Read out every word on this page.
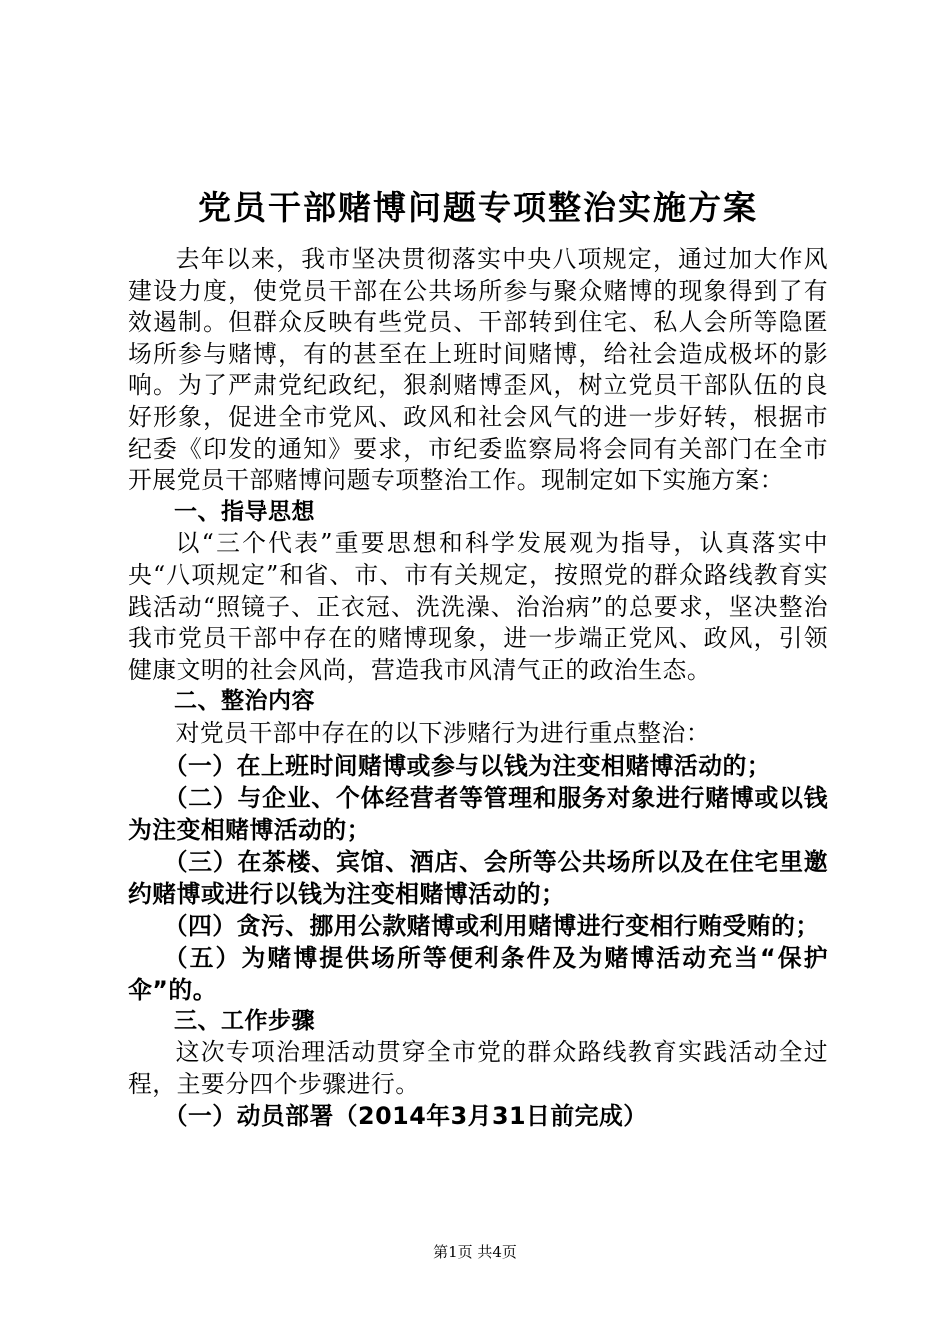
党员干部赌博问题专项整治实施方案

去年以来，我市坚决贯彻落实中央八项规定，通过加大作风建设力度，使党员干部在公共场所参与聚众赌博的现象得到了有效遏制。但群众反映有些党员、干部转到住宅、私人会所等隐匿场所参与赌博，有的甚至在上班时间赌博，给社会造成极坏的影响。为了严肃党纪政纪，狠刹赌博歪风，树立党员干部队伍的良好形象，促进全市党风、政风和社会风气的进一步好转，根据市纪委《印发的通知》要求，市纪委监察局将会同有关部门在全市开展党员干部赌博问题专项整治工作。现制定如下实施方案：

一、指导思想

以“三个代表”重要思想和科学发展观为指导，认真落实中央“八项规定”和省、市、市有关规定，按照党的群众路线教育实践活动“照镜子、正衣冠、洗洗澡、治治病”的总要求，坚决整治我市党员干部中存在的赌博现象，进一步端正党风、政风，引领健康文明的社会风尚，营造我市风清气正的政治生态。

二、整治内容

对党员干部中存在的以下涉赌行为进行重点整治：

（一）在上班时间赌博或参与以钱为注变相赌博活动的；

（二）与企业、个体经营者等管理和服务对象进行赌博或以钱为注变相赌博活动的；

（三）在茶楼、宾馆、酒店、会所等公共场所以及在住宅里邀约赌博或进行以钱为注变相赌博活动的；

（四）贪污、挪用公款赌博或利用赌博进行变相行贿受贿的；

（五）为赌博提供场所等便利条件及为赌博活动充当“保护伞”的。

三、工作步骤

这次专项治理活动贯穿全市党的群众路线教育实践活动全过程，主要分四个步骤进行。

（一）动员部署（2014年3月31日前完成）

第1页 共4页
